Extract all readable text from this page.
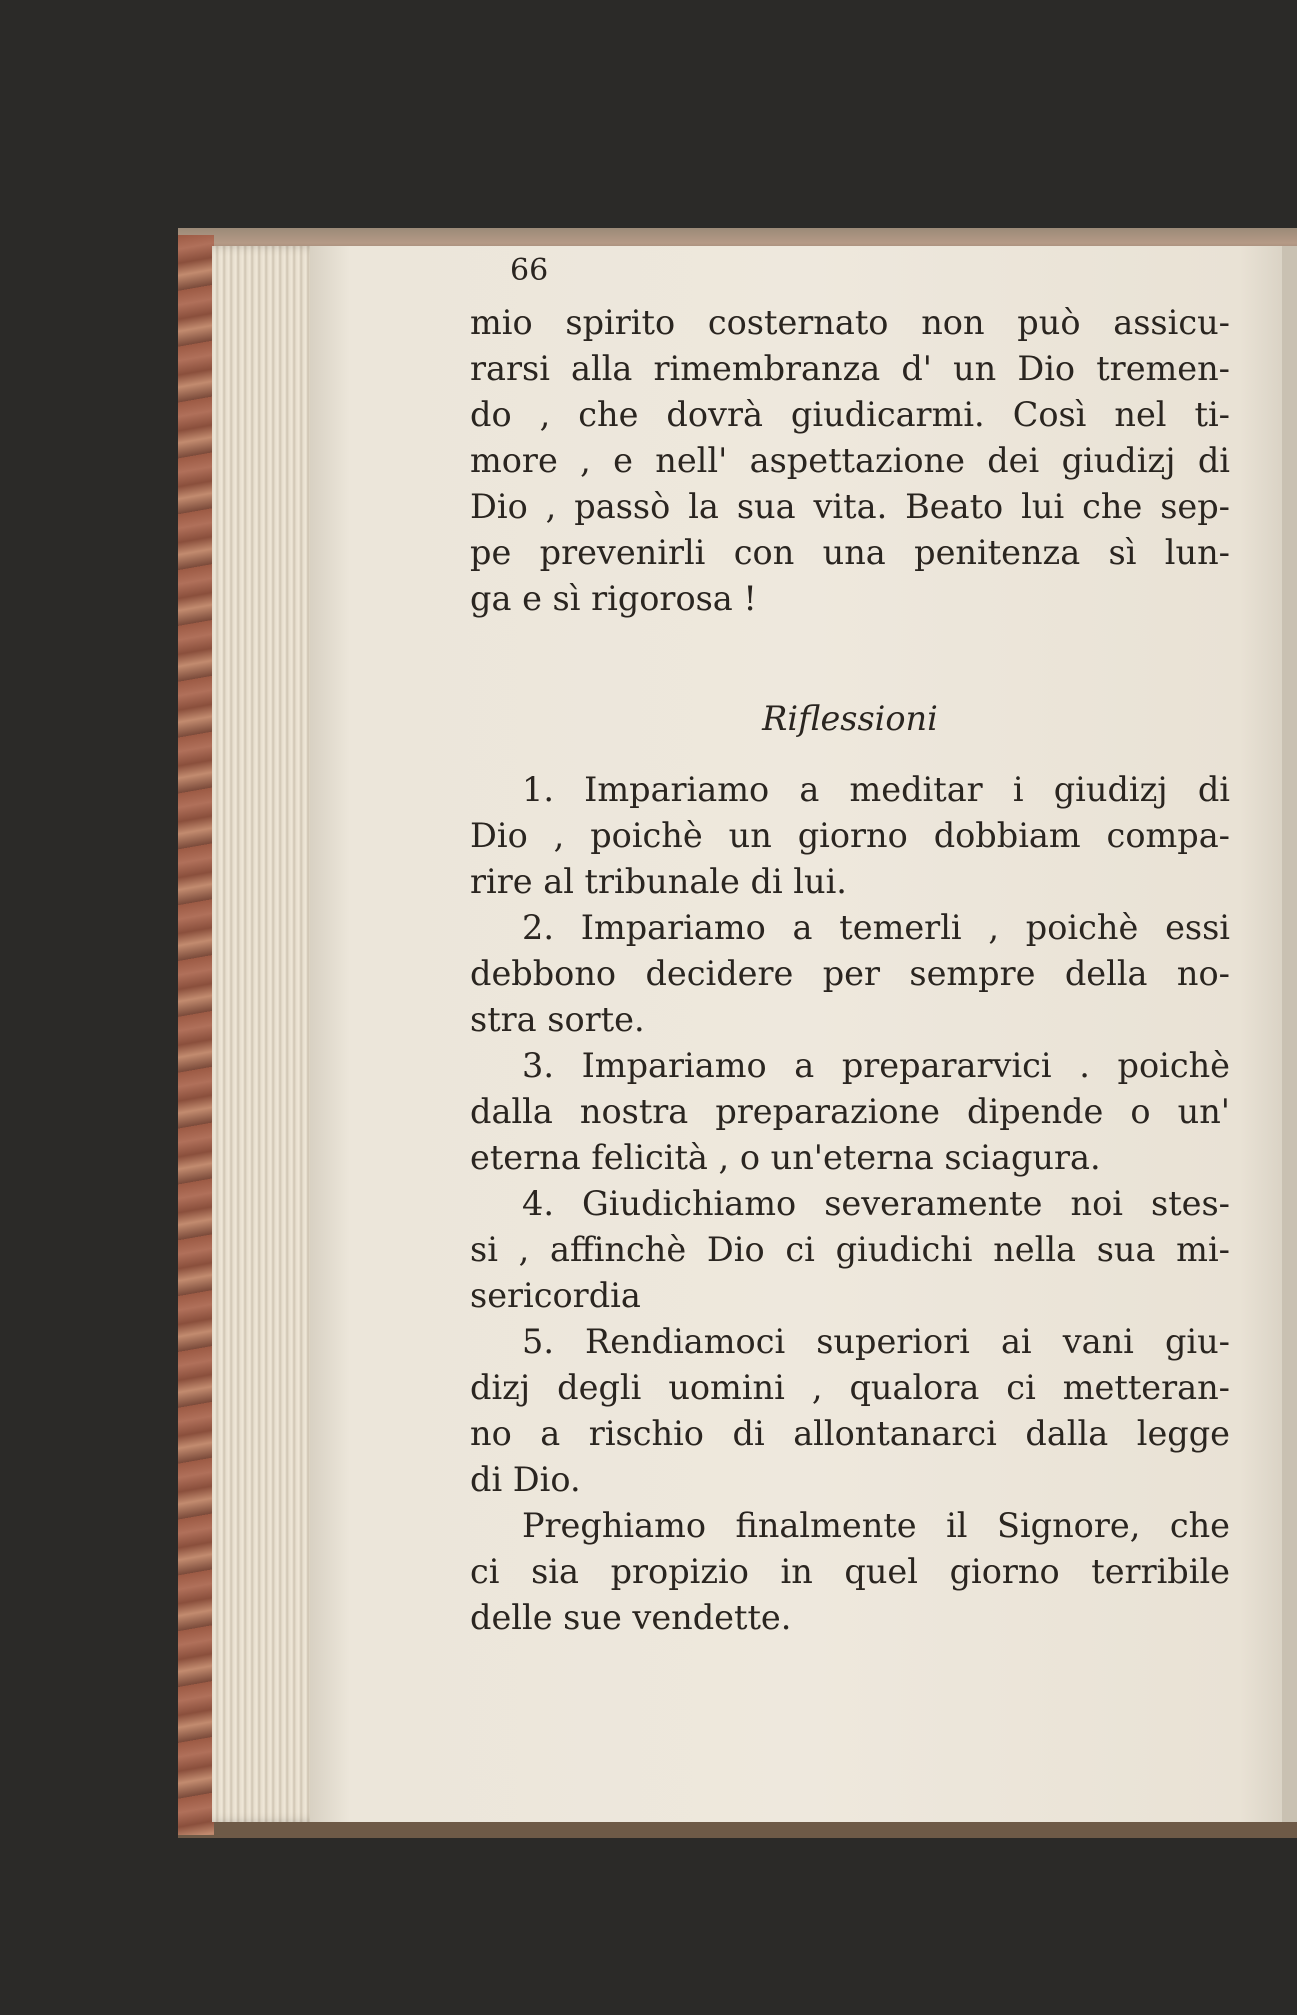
66
mio spirito costernato non può assicu-
rarsi alla rimembranza d' un Dio tremen-
do , che dovrà giudicarmi. Così nel ti-
more , e nell' aspettazione dei giudizj di
Dio , passò la sua vita. Beato lui che sep-
pe prevenirli con una penitenza sì lun-
ga e sì rigorosa !
Riflessioni
1. Impariamo a meditar i giudizj di
Dio , poichè un giorno dobbiam compa-
rire al tribunale di lui.
2. Impariamo a temerli , poichè essi
debbono decidere per sempre della no-
stra sorte.
3. Impariamo a prepararvici . poichè
dalla nostra preparazione dipende o un'
eterna felicità , o un'eterna sciagura.
4. Giudichiamo severamente noi stes-
si , affinchè Dio ci giudichi nella sua mi-
sericordia
5. Rendiamoci superiori ai vani giu-
dizj degli uomini , qualora ci metteran-
no a rischio di allontanarci dalla legge
di Dio.
Preghiamo finalmente il Signore, che
ci sia propizio in quel giorno terribile
delle sue vendette.
